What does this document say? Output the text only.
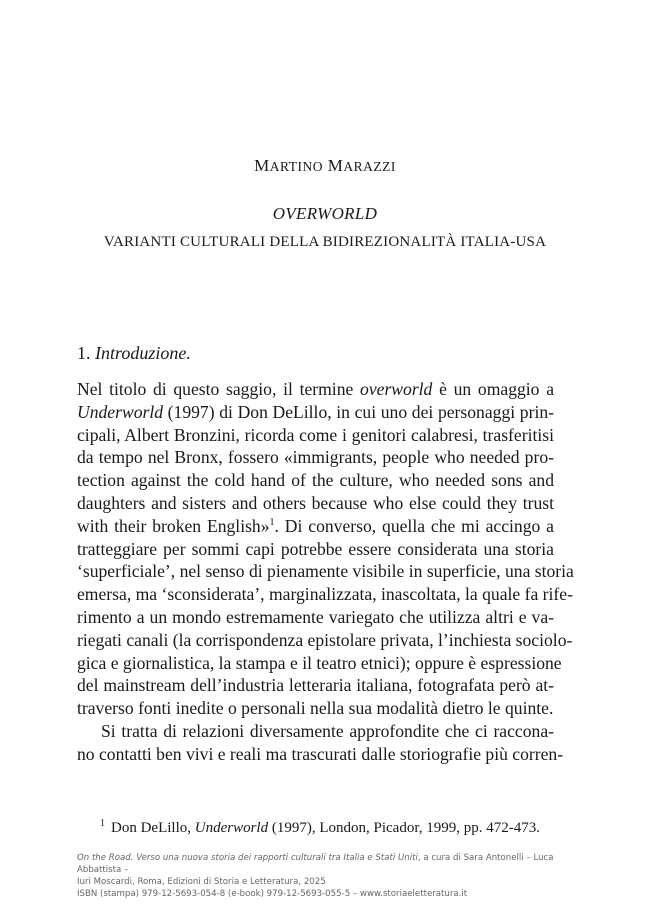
MARTINO MARAZZI
OVERWORLD
VARIANTI CULTURALI DELLA BIDIREZIONALITÀ ITALIA-USA
1. Introduzione.
Nel titolo di questo saggio, il termine overworld è un omaggio a
Underworld (1997) di Don DeLillo, in cui uno dei personaggi prin-
cipali, Albert Bronzini, ricorda come i genitori calabresi, trasferitisi
da tempo nel Bronx, fossero «immigrants, people who needed pro-
tection against the cold hand of the culture, who needed sons and
daughters and sisters and others because who else could they trust
with their broken English»$^1$. Di converso, quella che mi accingo a
tratteggiare per sommi capi potrebbe essere considerata una storia
‘superficiale’, nel senso di pienamente visibile in superficie, una storia
emersa, ma ‘sconsiderata’, marginalizzata, inascoltata, la quale fa rife-
rimento a un mondo estremamente variegato che utilizza altri e va-
riegati canali (la corrispondenza epistolare privata, l’inchiesta sociolo-
gica e giornalistica, la stampa e il teatro etnici); oppure è espressione
del mainstream dell’industria letteraria italiana, fotografata però at-
traverso fonti inedite o personali nella sua modalità dietro le quinte.
Si tratta di relazioni diversamente approfondite che ci raccona-
no contatti ben vivi e reali ma trascurati dalle storiografie più corren-
$^1$ Don DeLillo, Underworld (1997), London, Picador, 1999, pp. 472-473.
On the Road. Verso una nuova storia dei rapporti culturali tra Italia e Stati Uniti, a cura di Sara Antonelli – Luca Abbattista –
Iuri Moscardi, Roma, Edizioni di Storia e Letteratura, 2025
ISBN (stampa) 979-12-5693-054-8 (e-book) 979-12-5693-055-5 – www.storiaeletteratura.it
